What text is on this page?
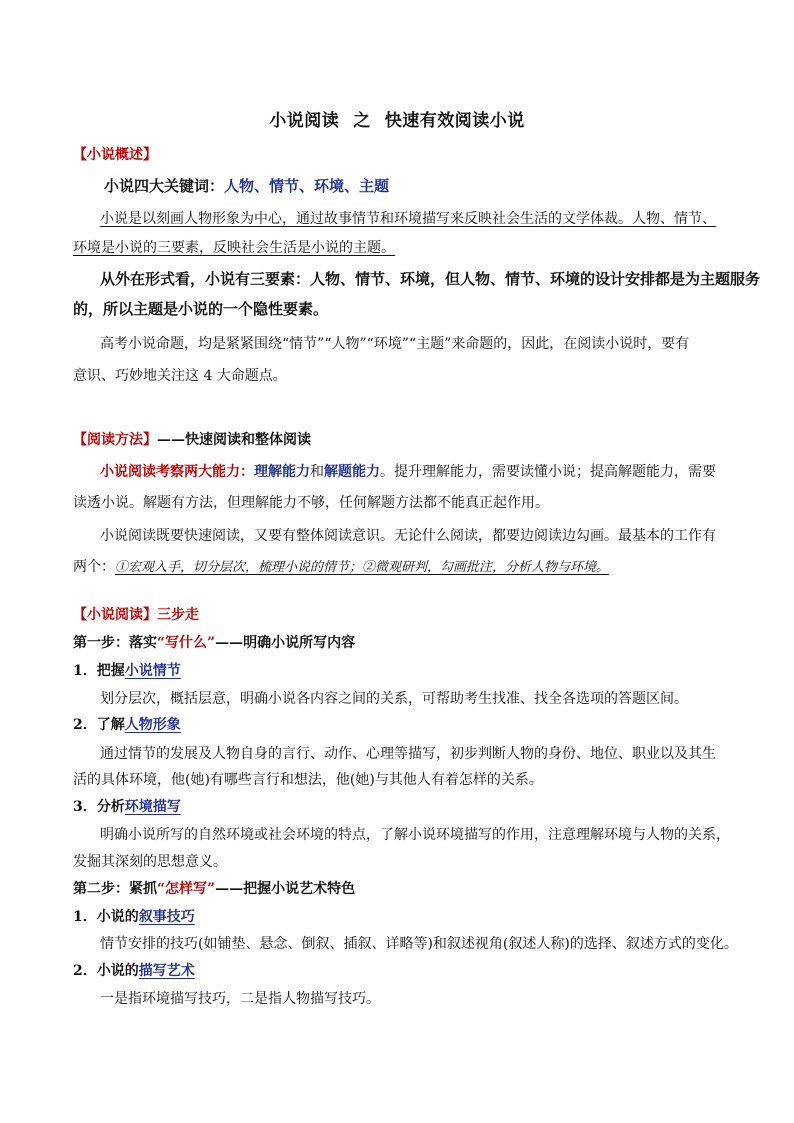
小说阅读 之 快速有效阅读小说
【小说概述】
小说四大关键词：人物、情节、环境、主题
小说是以刻画人物形象为中心，通过故事情节和环境描写来反映社会生活的文学体裁。人物、情节、
环境是小说的三要素，反映社会生活是小说的主题。
从外在形式看，小说有三要素：人物、情节、环境，但人物、情节、环境的设计安排都是为主题服务
的，所以主题是小说的一个隐性要素。
高考小说命题，均是紧紧围绕“情节”“人物”“环境”“主题”来命题的，因此，在阅读小说时，要有
意识、巧妙地关注这 4 大命题点。
【阅读方法】——快速阅读和整体阅读
小说阅读考察两大能力：理解能力和解题能力。提升理解能力，需要读懂小说；提高解题能力，需要
读透小说。解题有方法，但理解能力不够，任何解题方法都不能真正起作用。
小说阅读既要快速阅读，又要有整体阅读意识。无论什么阅读，都要边阅读边勾画。最基本的工作有
两个：①宏观入手，切分层次，梳理小说的情节；②微观研判，勾画批注，分析人物与环境。
【小说阅读】三步走
第一步：落实“写什么”——明确小说所写内容
1．把握小说情节
划分层次，概括层意，明确小说各内容之间的关系，可帮助考生找准、找全各选项的答题区间。
2．了解人物形象
通过情节的发展及人物自身的言行、动作、心理等描写，初步判断人物的身份、地位、职业以及其生
活的具体环境，他(她)有哪些言行和想法，他(她)与其他人有着怎样的关系。
3．分析环境描写
明确小说所写的自然环境或社会环境的特点，了解小说环境描写的作用，注意理解环境与人物的关系，
发掘其深刻的思想意义。
第二步：紧抓“怎样写”——把握小说艺术特色
1．小说的叙事技巧
情节安排的技巧(如铺垫、悬念、倒叙、插叙、详略等)和叙述视角(叙述人称)的选择、叙述方式的变化。
2．小说的描写艺术
一是指环境描写技巧，二是指人物描写技巧。
